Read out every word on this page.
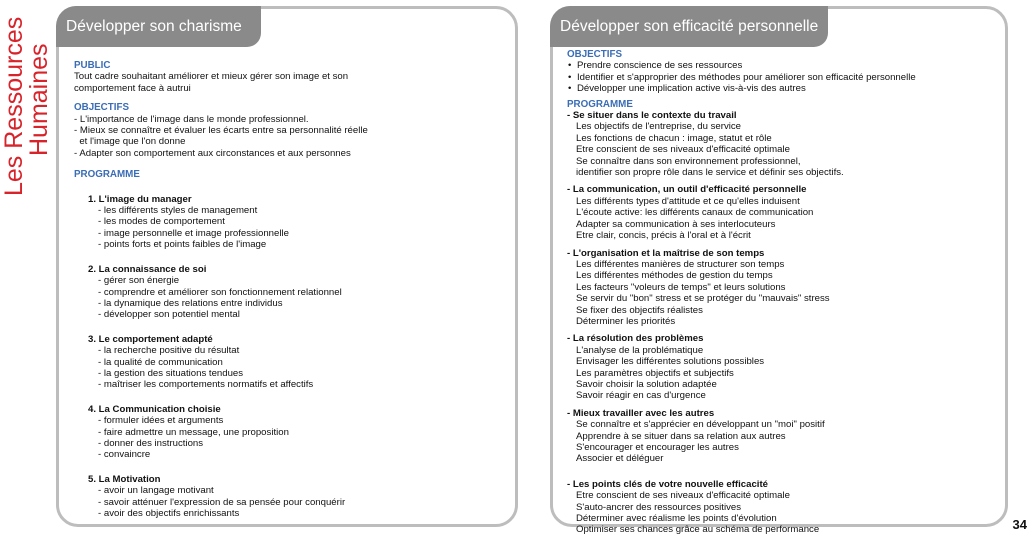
Les Ressources
Humaines
Développer son charisme
PUBLIC
Tout cadre souhaitant améliorer et mieux gérer son image et son
comportement face à autrui
OBJECTIFS
- L'importance de l'image dans le monde professionnel.
- Mieux se connaître et évaluer les écarts entre sa personnalité réelle
et l'image que l'on donne
- Adapter son comportement aux circonstances et aux personnes
PROGRAMME
1. L'image du manager
- les différents styles de management
- les modes de comportement
- image personnelle et image professionnelle
- points forts et points faibles de l'image
2. La connaissance de soi
- gérer son énergie
- comprendre et améliorer son fonctionnement relationnel
- la dynamique des relations entre individus
- développer son potentiel mental
3. Le comportement adapté
- la recherche positive du résultat
- la qualité de communication
- la gestion des situations tendues
- maîtriser les comportements normatifs et affectifs
4. La Communication choisie
- formuler idées et arguments
- faire admettre un message, une proposition
- donner des instructions
- convaincre
5. La Motivation
- avoir un langage motivant
- savoir atténuer l'expression de sa pensée pour conquérir
- avoir des objectifs enrichissants
Développer son efficacité personnelle
OBJECTIFS
• Prendre conscience de ses ressources
• Identifier et s'approprier des méthodes pour améliorer son efficacité personnelle
• Développer une implication active vis-à-vis des autres
PROGRAMME
- Se situer dans le contexte du travail
Les objectifs de l'entreprise, du service
Les fonctions de chacun : image, statut et rôle
Etre conscient de ses niveaux d'efficacité optimale
Se connaître dans son environnement professionnel,
identifier son propre rôle dans le service et définir ses objectifs.
- La communication, un outil d'efficacité personnelle
Les différents types d'attitude et ce qu'elles induisent
L'écoute active: les différents canaux de communication
Adapter sa communication à ses interlocuteurs
Etre clair, concis, précis à l'oral et à l'écrit
- L'organisation et la maîtrise de son temps
Les différentes manières de structurer son temps
Les différentes méthodes de gestion du temps
Les facteurs "voleurs de temps" et leurs solutions
Se servir du "bon" stress et se protéger du "mauvais" stress
Se fixer des objectifs réalistes
Déterminer les priorités
- La résolution des problèmes
L'analyse de la problématique
Envisager les différentes solutions possibles
Les paramètres objectifs et subjectifs
Savoir choisir la solution adaptée
Savoir réagir en cas d'urgence
- Mieux travailler avec les autres
Se connaître et s'apprécier en développant un "moi" positif
Apprendre à se situer dans sa relation aux autres
S'encourager et encourager les autres
Associer et déléguer
- Les points clés de votre nouvelle efficacité
Etre conscient de ses niveaux d'efficacité optimale
S'auto-ancrer des ressources positives
Déterminer avec réalisme les points d'évolution
Optimiser ses chances grâce au schéma de performance	34
